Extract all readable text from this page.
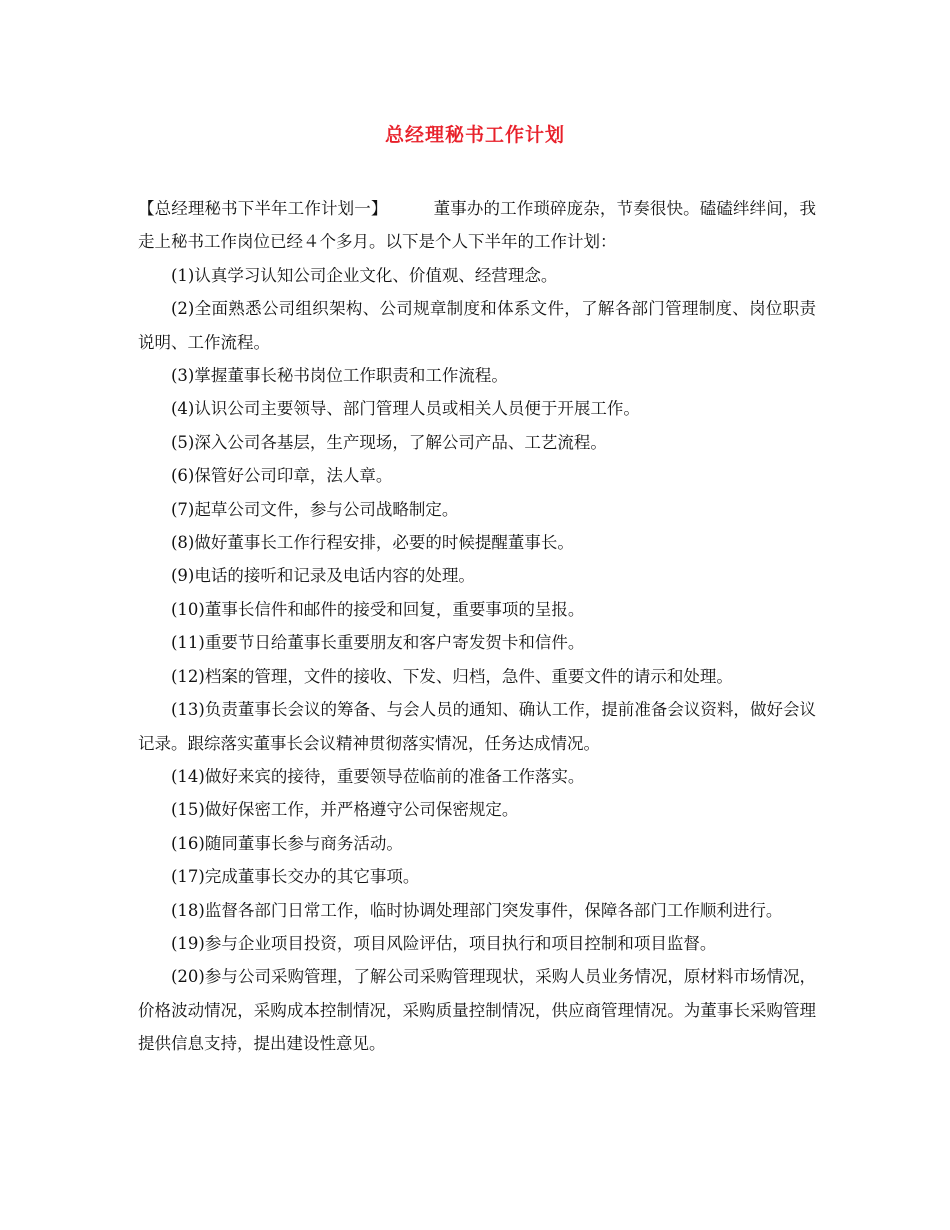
总经理秘书工作计划

【总经理秘书下半年工作计划一】	董事办的工作琐碎庞杂，节奏很快。磕磕绊绊间，我走上秘书工作岗位已经４个多月。以下是个人下半年的工作计划：

(1)认真学习认知公司企业文化、价值观、经营理念。

(2)全面熟悉公司组织架构、公司规章制度和体系文件，了解各部门管理制度、岗位职责说明、工作流程。

(3)掌握董事长秘书岗位工作职责和工作流程。

(4)认识公司主要领导、部门管理人员或相关人员便于开展工作。

(5)深入公司各基层，生产现场，了解公司产品、工艺流程。

(6)保管好公司印章，法人章。

(7)起草公司文件，参与公司战略制定。

(8)做好董事长工作行程安排，必要的时候提醒董事长。

(9)电话的接听和记录及电话内容的处理。

(10)董事长信件和邮件的接受和回复，重要事项的呈报。

(11)重要节日给董事长重要朋友和客户寄发贺卡和信件。

(12)档案的管理，文件的接收、下发、归档，急件、重要文件的请示和处理。

(13)负责董事长会议的筹备、与会人员的通知、确认工作，提前准备会议资料，做好会议记录。跟综落实董事长会议精神贯彻落实情况，任务达成情况。

(14)做好来宾的接待，重要领导莅临前的准备工作落实。

(15)做好保密工作，并严格遵守公司保密规定。

(16)随同董事长参与商务活动。

(17)完成董事长交办的其它事项。

(18)监督各部门日常工作，临时协调处理部门突发事件，保障各部门工作顺利进行。

(19)参与企业项目投资，项目风险评估，项目执行和项目控制和项目监督。

(20)参与公司采购管理，了解公司采购管理现状，采购人员业务情况，原材料市场情况，价格波动情况，采购成本控制情况，采购质量控制情况，供应商管理情况。为董事长采购管理提供信息支持，提出建设性意见。
